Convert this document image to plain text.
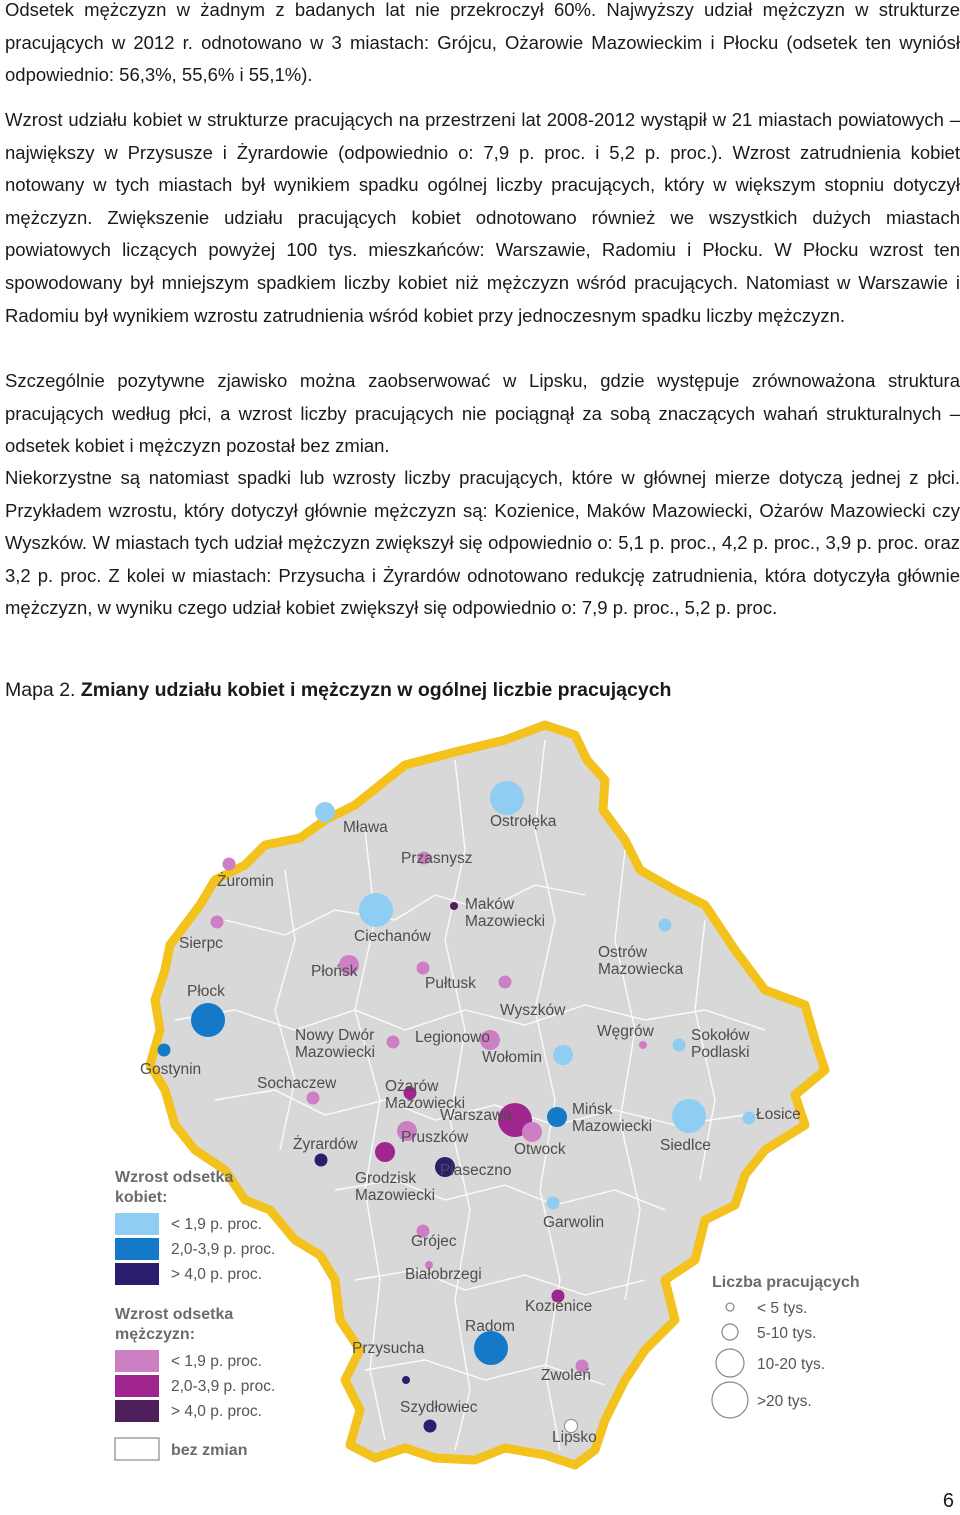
Odsetek mężczyzn w żadnym z badanych lat nie przekroczył 60%. Najwyższy udział mężczyzn w strukturze pracujących w 2012 r. odnotowano w 3 miastach: Grójcu, Ożarowie Mazowieckim i Płocku (odsetek ten wyniósł odpowiednio: 56,3%, 55,6% i 55,1%).

Wzrost udziału kobiet w strukturze pracujących na przestrzeni lat 2008-2012 wystąpił w 21 miastach powiatowych – największy w Przysusze i Żyrardowie (odpowiednio o: 7,9 p. proc. i 5,2 p. proc.). Wzrost zatrudnienia kobiet notowany w tych miastach był wynikiem spadku ogólnej liczby pracujących, który w większym stopniu dotyczył mężczyzn. Zwiększenie udziału pracujących kobiet odnotowano również we wszystkich dużych miastach powiatowych liczących powyżej 100 tys. mieszkańców: Warszawie, Radomiu i Płocku. W Płocku wzrost ten spowodowany był mniejszym spadkiem liczby kobiet niż mężczyzn wśród pracujących. Natomiast w Warszawie i Radomiu był wynikiem wzrostu zatrudnienia wśród kobiet przy jednoczesnym spadku liczby mężczyzn.

Szczególnie pozytywne zjawisko można zaobserwować w Lipsku, gdzie występuje zrównoważona struktura pracujących według płci, a wzrost liczby pracujących nie pociągnął za sobą znaczących wahań strukturalnych – odsetek kobiet i mężczyzn pozostał bez zmian.

Niekorzystne są natomiast spadki lub wzrosty liczby pracujących, które w głównej mierze dotyczą jednej z płci. Przykładem wzrostu, który dotyczył głównie mężczyzn są: Kozienice, Maków Mazowiecki, Ożarów Mazowiecki czy Wyszków. W miastach tych udział mężczyzn zwiększył się odpowiednio o: 5,1 p. proc., 4,2 p. proc., 3,9 p. proc. oraz 3,2 p. proc. Z kolei w miastach: Przysucha i Żyrardów odnotowano redukcję zatrudnienia, która dotyczyła głównie mężczyzn, w wyniku czego udział kobiet zwiększył się odpowiednio o: 7,9 p. proc., 5,2 p. proc.

Mapa 2. Zmiany udziału kobiet i mężczyzn w ogólnej liczbie pracujących

Mława	Ostrołęka
Przasnysz
Żuromin
Maków Mazowiecki
Ciechanów
Sierpc
Ostrów Mazowiecka
Płońsk
Pułtusk
Płock
Wyszków
Węgrów Sokołów Podlaski
Nowy Dwór Mazowiecki
Legionowo
Wołomin
Gostynin
Sochaczew	Ożarów Mazowiecki
Warszawa	Mińsk Mazowiecki
Łosice
Siedlce
Pruszków
Żyrardów	Otwock
Grodzisk Mazowiecki
Piaseczno
Garwolin
Grójec
Białobrzegi
Kozienice
Radom
Przysucha
Zwoleń
Szydłowiec
Lipsko
Wzrost odsetka
kobiet:
< 1,9 p. proc.
2,0-3,9 p. proc.
> 4,0 p. proc.
Wzrost odsetka
mężczyzn:
< 1,9 p. proc.
2,0-3,9 p. proc.
> 4,0 p. proc.
bez zmian
Liczba pracujących
< 5 tys.
5-10 tys.
10-20 tys.
>20 tys.
6
